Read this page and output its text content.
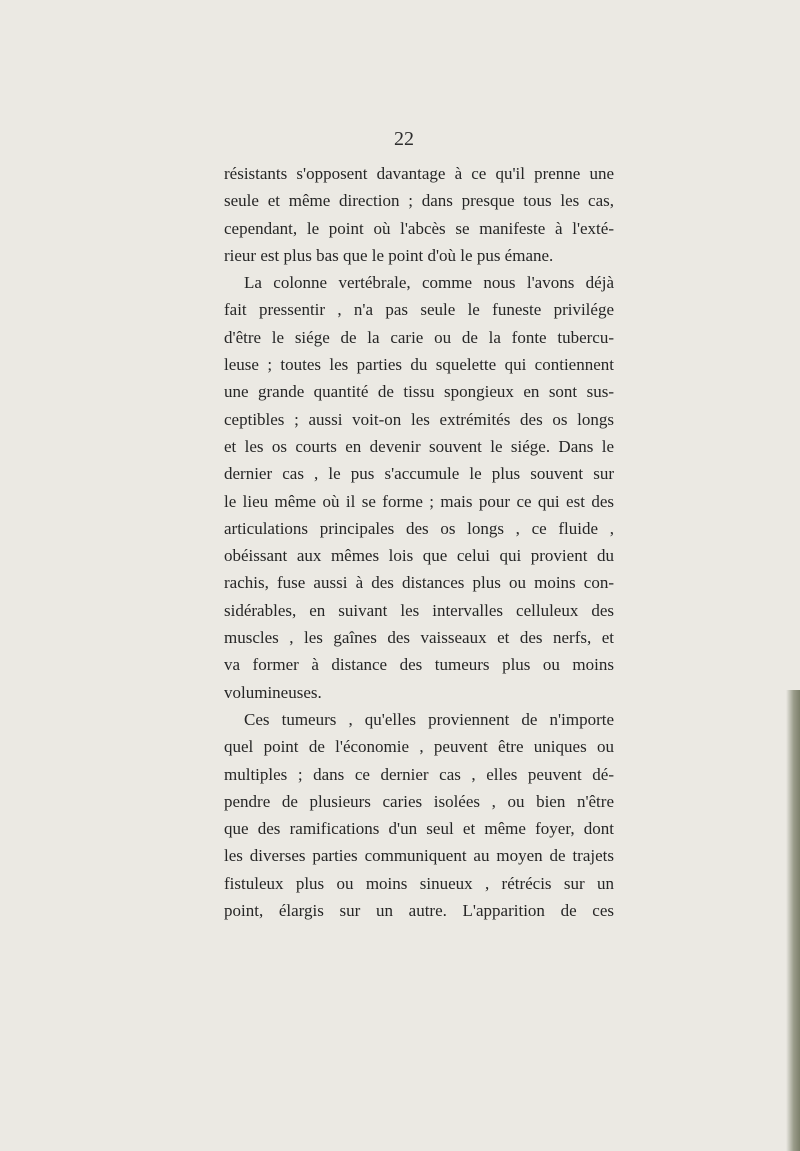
22
résistants s'opposent davantage à ce qu'il prenne une
seule et même direction ; dans presque tous les cas,
cependant, le point où l'abcès se manifeste à l'exté-
rieur est plus bas que le point d'où le pus émane.
La colonne vertébrale, comme nous l'avons déjà
fait pressentir , n'a pas seule le funeste privilége
d'être le siége de la carie ou de la fonte tubercu-
leuse ; toutes les parties du squelette qui contiennent
une grande quantité de tissu spongieux en sont sus-
ceptibles ; aussi voit-on les extrémités des os longs
et les os courts en devenir souvent le siége. Dans le
dernier cas , le pus s'accumule le plus souvent sur
le lieu même où il se forme ; mais pour ce qui est des
articulations principales des os longs , ce fluide ,
obéissant aux mêmes lois que celui qui provient du
rachis, fuse aussi à des distances plus ou moins con-
sidérables, en suivant les intervalles celluleux des
muscles , les gaînes des vaisseaux et des nerfs, et
va former à distance des tumeurs plus ou moins
volumineuses.
Ces tumeurs , qu'elles proviennent de n'importe
quel point de l'économie , peuvent être uniques ou
multiples ; dans ce dernier cas , elles peuvent dé-
pendre de plusieurs caries isolées , ou bien n'être
que des ramifications d'un seul et même foyer, dont
les diverses parties communiquent au moyen de trajets
fistuleux plus ou moins sinueux , rétrécis sur un
point, élargis sur un autre. L'apparition de ces
